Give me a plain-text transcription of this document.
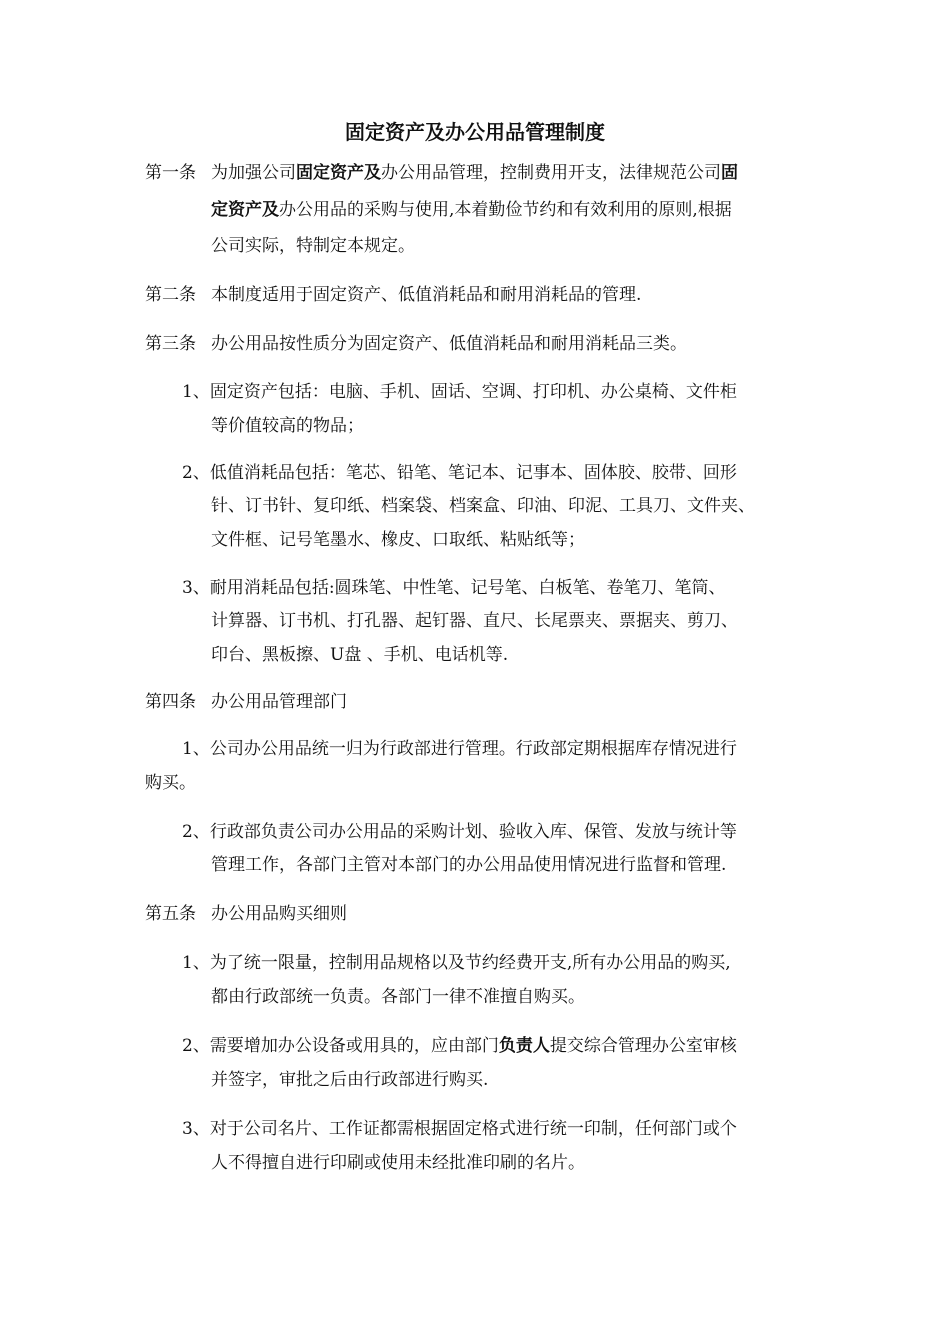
固定资产及办公用品管理制度
第一条 为加强公司固定资产及办公用品管理，控制费用开支，法律规范公司固
定资产及办公用品的采购与使用,本着勤俭节约和有效利用的原则,根据
公司实际，特制定本规定。
第二条 本制度适用于固定资产、低值消耗品和耐用消耗品的管理.
第三条 办公用品按性质分为固定资产、低值消耗品和耐用消耗品三类。
1、固定资产包括：电脑、手机、固话、空调、打印机、办公桌椅、文件柜
等价值较高的物品；
2、低值消耗品包括：笔芯、铅笔、笔记本、记事本、固体胶、胶带、回形
针、订书针、复印纸、档案袋、档案盒、印油、印泥、工具刀、文件夹、
文件框、记号笔墨水、橡皮、口取纸、粘贴纸等；
3、耐用消耗品包括:圆珠笔、中性笔、记号笔、白板笔、卷笔刀、笔筒、
计算器、订书机、打孔器、起钉器、直尺、长尾票夹、票据夹、剪刀、
印台、黑板擦、U盘 、手机、电话机等.
第四条 办公用品管理部门
1、公司办公用品统一归为行政部进行管理。行政部定期根据库存情况进行
购买。
2、行政部负责公司办公用品的采购计划、验收入库、保管、发放与统计等
管理工作，各部门主管对本部门的办公用品使用情况进行监督和管理.
第五条 办公用品购买细则
1、为了统一限量，控制用品规格以及节约经费开支,所有办公用品的购买,
都由行政部统一负责。各部门一律不准擅自购买。
2、需要增加办公设备或用具的，应由部门负责人提交综合管理办公室审核
并签字，审批之后由行政部进行购买.
3、对于公司名片、工作证都需根据固定格式进行统一印制，任何部门或个
人不得擅自进行印刷或使用未经批准印刷的名片。
